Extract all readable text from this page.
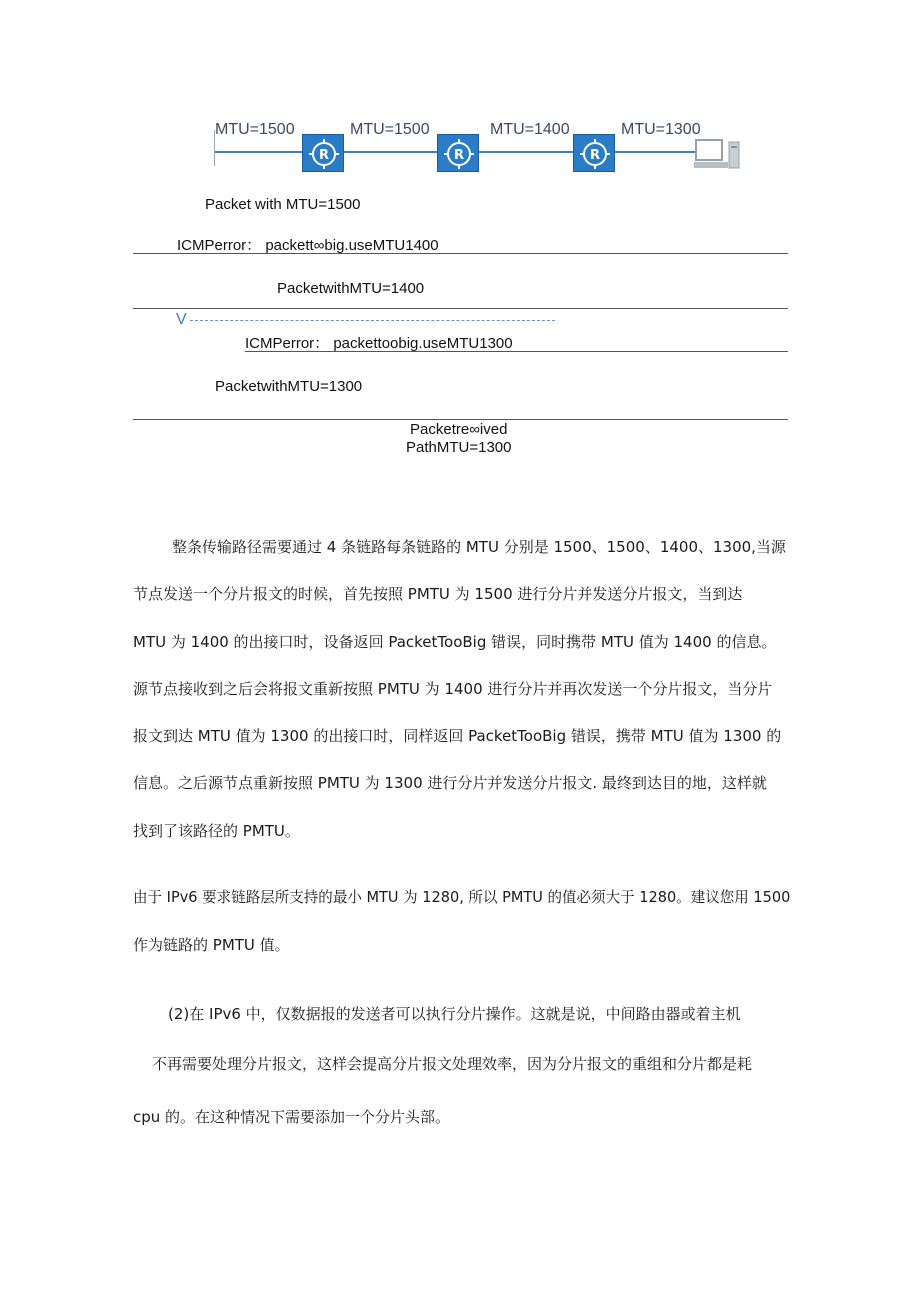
MTU=1500	MTU=1500	MTU=1400	MTU=1300
R	R	R
Packet with MTU=1500
ICMPerror： packett∞big.useMTU1400
PacketwithMTU=1400
V
ICMPerror： packettoobig.useMTU1300
PacketwithMTU=1300
Packetre∞ived
PathMTU=1300
整条传输路径需要通过 4 条链路每条链路的 MTU 分别是 1500、1500、1400、1300,当源
节点发送一个分片报文的时候，首先按照 PMTU 为 1500 进行分片并发送分片报文，当到达
MTU 为 1400 的出接口时，设备返回 PacketTooBig 错误，同时携带 MTU 值为 1400 的信息。
源节点接收到之后会将报文重新按照 PMTU 为 1400 进行分片并再次发送一个分片报文，当分片
报文到达 MTU 值为 1300 的出接口时，同样返回 PacketTooBig 错误，携带 MTU 值为 1300 的
信息。之后源节点重新按照 PMTU 为 1300 进行分片并发送分片报文. 最终到达目的地，这样就
找到了该路径的 PMTU。
由于 IPv6 要求链路层所支持的最小 MTU 为 1280, 所以 PMTU 的值必须大于 1280。建议您用 1500
作为链路的 PMTU 值。
(2)在 IPv6 中，仅数据报的发送者可以执行分片操作。这就是说，中间路由器或着主机
不再需要处理分片报文，这样会提高分片报文处理效率，因为分片报文的重组和分片都是耗
cpu 的。在这种情况下需要添加一个分片头部。
